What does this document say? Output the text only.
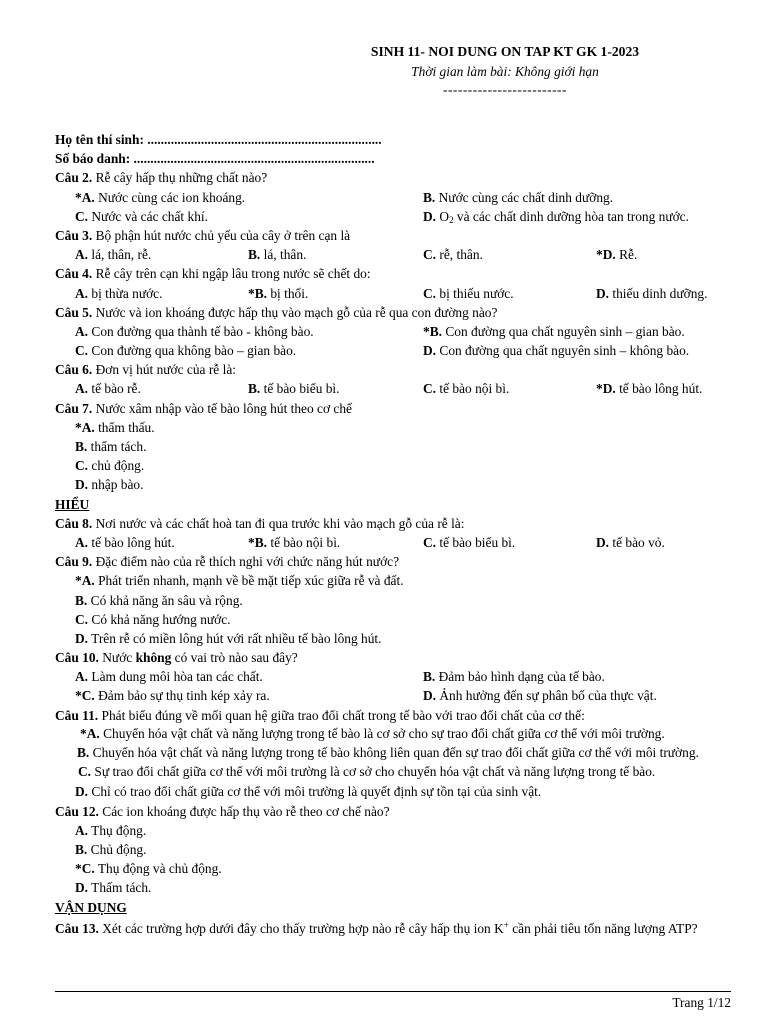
SINH 11- NOI DUNG ON TAP KT GK 1-2023
Thời gian làm bài: Không giới hạn
-------------------------
Họ tên thí sinh: ......................................................................
Số báo danh: ........................................................................
Câu 2. Rễ cây hấp thụ những chất nào?
*A. Nước cùng các ion khoáng.	B. Nước cùng các chất dinh dưỡng.
C. Nước và các chất khí.	D. $O_2$ và các chất dinh dưỡng hòa tan trong nước.
Câu 3. Bộ phận hút nước chủ yếu của cây ở trên cạn là
A. lá, thân, rễ.	B. lá, thân.	C. rễ, thân.	*D. Rễ.
Câu 4. Rễ cây trên cạn khi ngập lâu trong nước sẽ chết do:
A. bị thừa nước.	*B. bị thối.	C. bị thiếu nước.	D. thiếu dinh dưỡng.
Câu 5. Nước và ion khoáng được hấp thụ vào mạch gỗ của rễ qua con đường nào?
A. Con đường qua thành tế bào - không bào.	*B. Con đường qua chất nguyên sinh – gian bào.
C. Con đường qua không bào – gian bào.	D. Con đường qua chất nguyên sinh – không bào.
Câu 6. Đơn vị hút nước của rễ là:
A. tế bào rễ.	B. tế bào biểu bì.	C. tế bào nội bì.	*D. tế bào lông hút.
Câu 7. Nước xâm nhập vào tế bào lông hút theo cơ chế
*A. thẩm thấu.
B. thẩm tách.
C. chủ động.
D. nhập bào.
HIỂU
Câu 8. Nơi nước và các chất hoà tan đi qua trước khi vào mạch gỗ của rễ là:
A. tế bào lông hút.	*B. tế bào nội bì.	C. tế bào biểu bì.	D. tế bào vỏ.
Câu 9. Đặc điểm nào của rễ thích nghi với chức năng hút nước?
*A. Phát triển nhanh, mạnh về bề mặt tiếp xúc giữa rễ và đất.
B. Có khả năng ăn sâu và rộng.
C. Có khả năng hướng nước.
D. Trên rễ có miền lông hút với rất nhiều tế bào lông hút.
Câu 10. Nước không có vai trò nào sau đây?
A. Làm dung môi hòa tan các chất.	B. Đảm bảo hình dạng của tế bào.
*C. Đảm bảo sự thụ tinh kép xảy ra.	D. Ảnh hưởng đến sự phân bố của thực vật.
Câu 11. Phát biểu đúng về mối quan hệ giữa trao đổi chất trong tế bào với trao đổi chất của cơ thế:
*A. Chuyển hóa vật chất và năng lượng trong tế bào là cơ sở cho sự trao đổi chất giữa cơ thể với môi trường.
B. Chuyển hóa vật chất và năng lượng trong tế bào không liên quan đến sự trao đổi chất giữa cơ thể với môi trường.
C. Sự trao đổi chất giữa cơ thể với môi trường là cơ sở cho chuyển hóa vật chất và năng lượng trong tế bào.
D. Chỉ có trao đổi chất giữa cơ thể với môi trường là quyết định sự tồn tại của sinh vật.
Câu 12. Các ion khoáng được hấp thụ vào rễ theo cơ chế nào?
A. Thụ động.
B. Chủ động.
*C. Thụ động và chủ động.
D. Thấm tách.
VẬN DỤNG
Câu 13. Xét các trường hợp dưới đây cho thấy trường hợp nào rễ cây hấp thụ ion K+ cần phải tiêu tốn năng lượng ATP?
Trang 1/12
